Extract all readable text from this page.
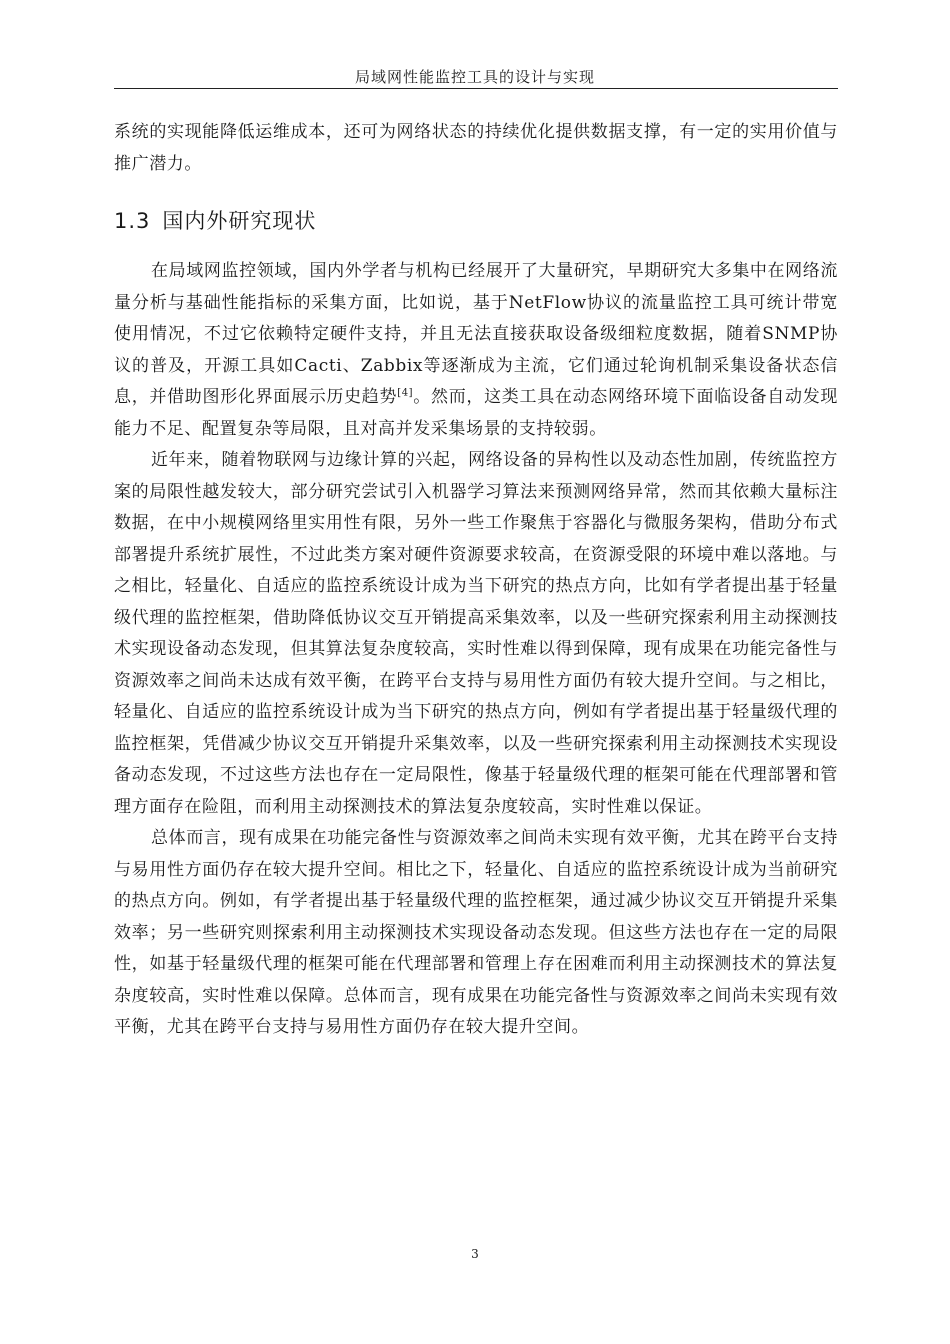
局域网性能监控工具的设计与实现

系统的实现能降低运维成本，还可为网络状态的持续优化提供数据支撑，有一定的实用价值与推广潜力。

1.3 国内外研究现状

在局域网监控领域，国内外学者与机构已经展开了大量研究，早期研究大多集中在网络流量分析与基础性能指标的采集方面，比如说，基于NetFlow协议的流量监控工具可统计带宽使用情况，不过它依赖特定硬件支持，并且无法直接获取设备级细粒度数据，随着SNMP协议的普及，开源工具如Cacti、Zabbix等逐渐成为主流，它们通过轮询机制采集设备状态信息，并借助图形化界面展示历史趋势[4]。然而，这类工具在动态网络环境下面临设备自动发现能力不足、配置复杂等局限，且对高并发采集场景的支持较弱。

近年来，随着物联网与边缘计算的兴起，网络设备的异构性以及动态性加剧，传统监控方案的局限性越发较大，部分研究尝试引入机器学习算法来预测网络异常，然而其依赖大量标注数据，在中小规模网络里实用性有限，另外一些工作聚焦于容器化与微服务架构，借助分布式部署提升系统扩展性，不过此类方案对硬件资源要求较高，在资源受限的环境中难以落地。与之相比，轻量化、自适应的监控系统设计成为当下研究的热点方向，比如有学者提出基于轻量级代理的监控框架，借助降低协议交互开销提高采集效率，以及一些研究探索利用主动探测技术实现设备动态发现，但其算法复杂度较高，实时性难以得到保障，现有成果在功能完备性与资源效率之间尚未达成有效平衡，在跨平台支持与易用性方面仍有较大提升空间。与之相比，轻量化、自适应的监控系统设计成为当下研究的热点方向，例如有学者提出基于轻量级代理的监控框架，凭借减少协议交互开销提升采集效率，以及一些研究探索利用主动探测技术实现设备动态发现，不过这些方法也存在一定局限性，像基于轻量级代理的框架可能在代理部署和管理方面存在险阻，而利用主动探测技术的算法复杂度较高，实时性难以保证。

总体而言，现有成果在功能完备性与资源效率之间尚未实现有效平衡，尤其在跨平台支持与易用性方面仍存在较大提升空间。相比之下，轻量化、自适应的监控系统设计成为当前研究的热点方向。例如，有学者提出基于轻量级代理的监控框架，通过减少协议交互开销提升采集效率；另一些研究则探索利用主动探测技术实现设备动态发现。但这些方法也存在一定的局限性，如基于轻量级代理的框架可能在代理部署和管理上存在困难而利用主动探测技术的算法复杂度较高，实时性难以保障。总体而言，现有成果在功能完备性与资源效率之间尚未实现有效平衡，尤其在跨平台支持与易用性方面仍存在较大提升空间。

3
